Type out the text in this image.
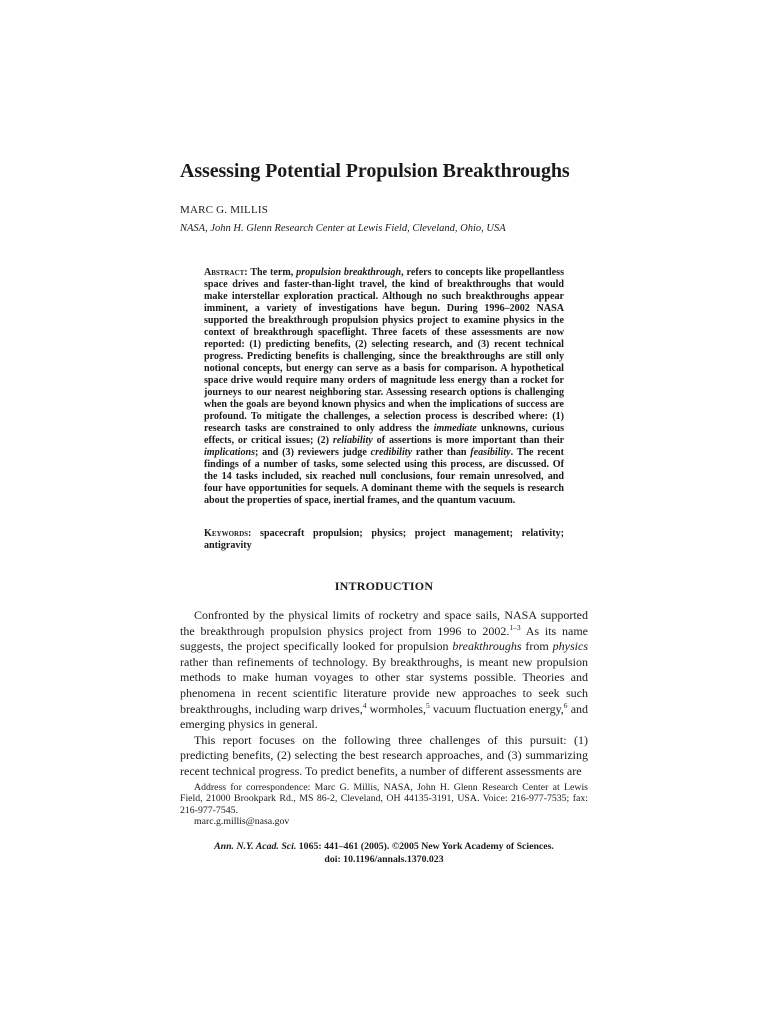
Assessing Potential Propulsion Breakthroughs
MARC G. MILLIS
NASA, John H. Glenn Research Center at Lewis Field, Cleveland, Ohio, USA
Abstract: The term, propulsion breakthrough, refers to concepts like propellantless space drives and faster-than-light travel, the kind of breakthroughs that would make interstellar exploration practical. Although no such breakthroughs appear imminent, a variety of investigations have begun. During 1996–2002 NASA supported the breakthrough propulsion physics project to examine physics in the context of breakthrough spaceflight. Three facets of these assessments are now reported: (1) predicting benefits, (2) selecting research, and (3) recent technical progress. Predicting benefits is challenging, since the breakthroughs are still only notional concepts, but energy can serve as a basis for comparison. A hypothetical space drive would require many orders of magnitude less energy than a rocket for journeys to our nearest neighboring star. Assessing research options is challenging when the goals are beyond known physics and when the implications of success are profound. To mitigate the challenges, a selection process is described where: (1) research tasks are constrained to only address the immediate unknowns, curious effects, or critical issues; (2) reliability of assertions is more important than their implications; and (3) reviewers judge credibility rather than feasibility. The recent findings of a number of tasks, some selected using this process, are discussed. Of the 14 tasks included, six reached null conclusions, four remain unresolved, and four have opportunities for sequels. A dominant theme with the sequels is research about the properties of space, inertial frames, and the quantum vacuum.
Keywords: spacecraft propulsion; physics; project management; relativity; antigravity
INTRODUCTION

Confronted by the physical limits of rocketry and space sails, NASA supported the breakthrough propulsion physics project from 1996 to 2002.$^{1-3}$ As its name suggests, the project specifically looked for propulsion breakthroughs from physics rather than refinements of technology. By breakthroughs, is meant new propulsion methods to make human voyages to other star systems possible. Theories and phenomena in recent scientific literature provide new approaches to seek such breakthroughs, including warp drives,$^4$ wormholes,$^5$ vacuum fluctuation energy,$^6$ and emerging physics in general.

This report focuses on the following three challenges of this pursuit: (1) predicting benefits, (2) selecting the best research approaches, and (3) summarizing recent technical progress. To predict benefits, a number of different assessments are

Address for correspondence: Marc G. Millis, NASA, John H. Glenn Research Center at Lewis Field, 21000 Brookpark Rd., MS 86-2, Cleveland, OH 44135-3191, USA. Voice: 216-977-7535; fax: 216-977-7545.

marc.g.millis@nasa.gov

Ann. N.Y. Acad. Sci. 1065: 441–461 (2005). ©2005 New York Academy of Sciences.
doi: 10.1196/annals.1370.023
